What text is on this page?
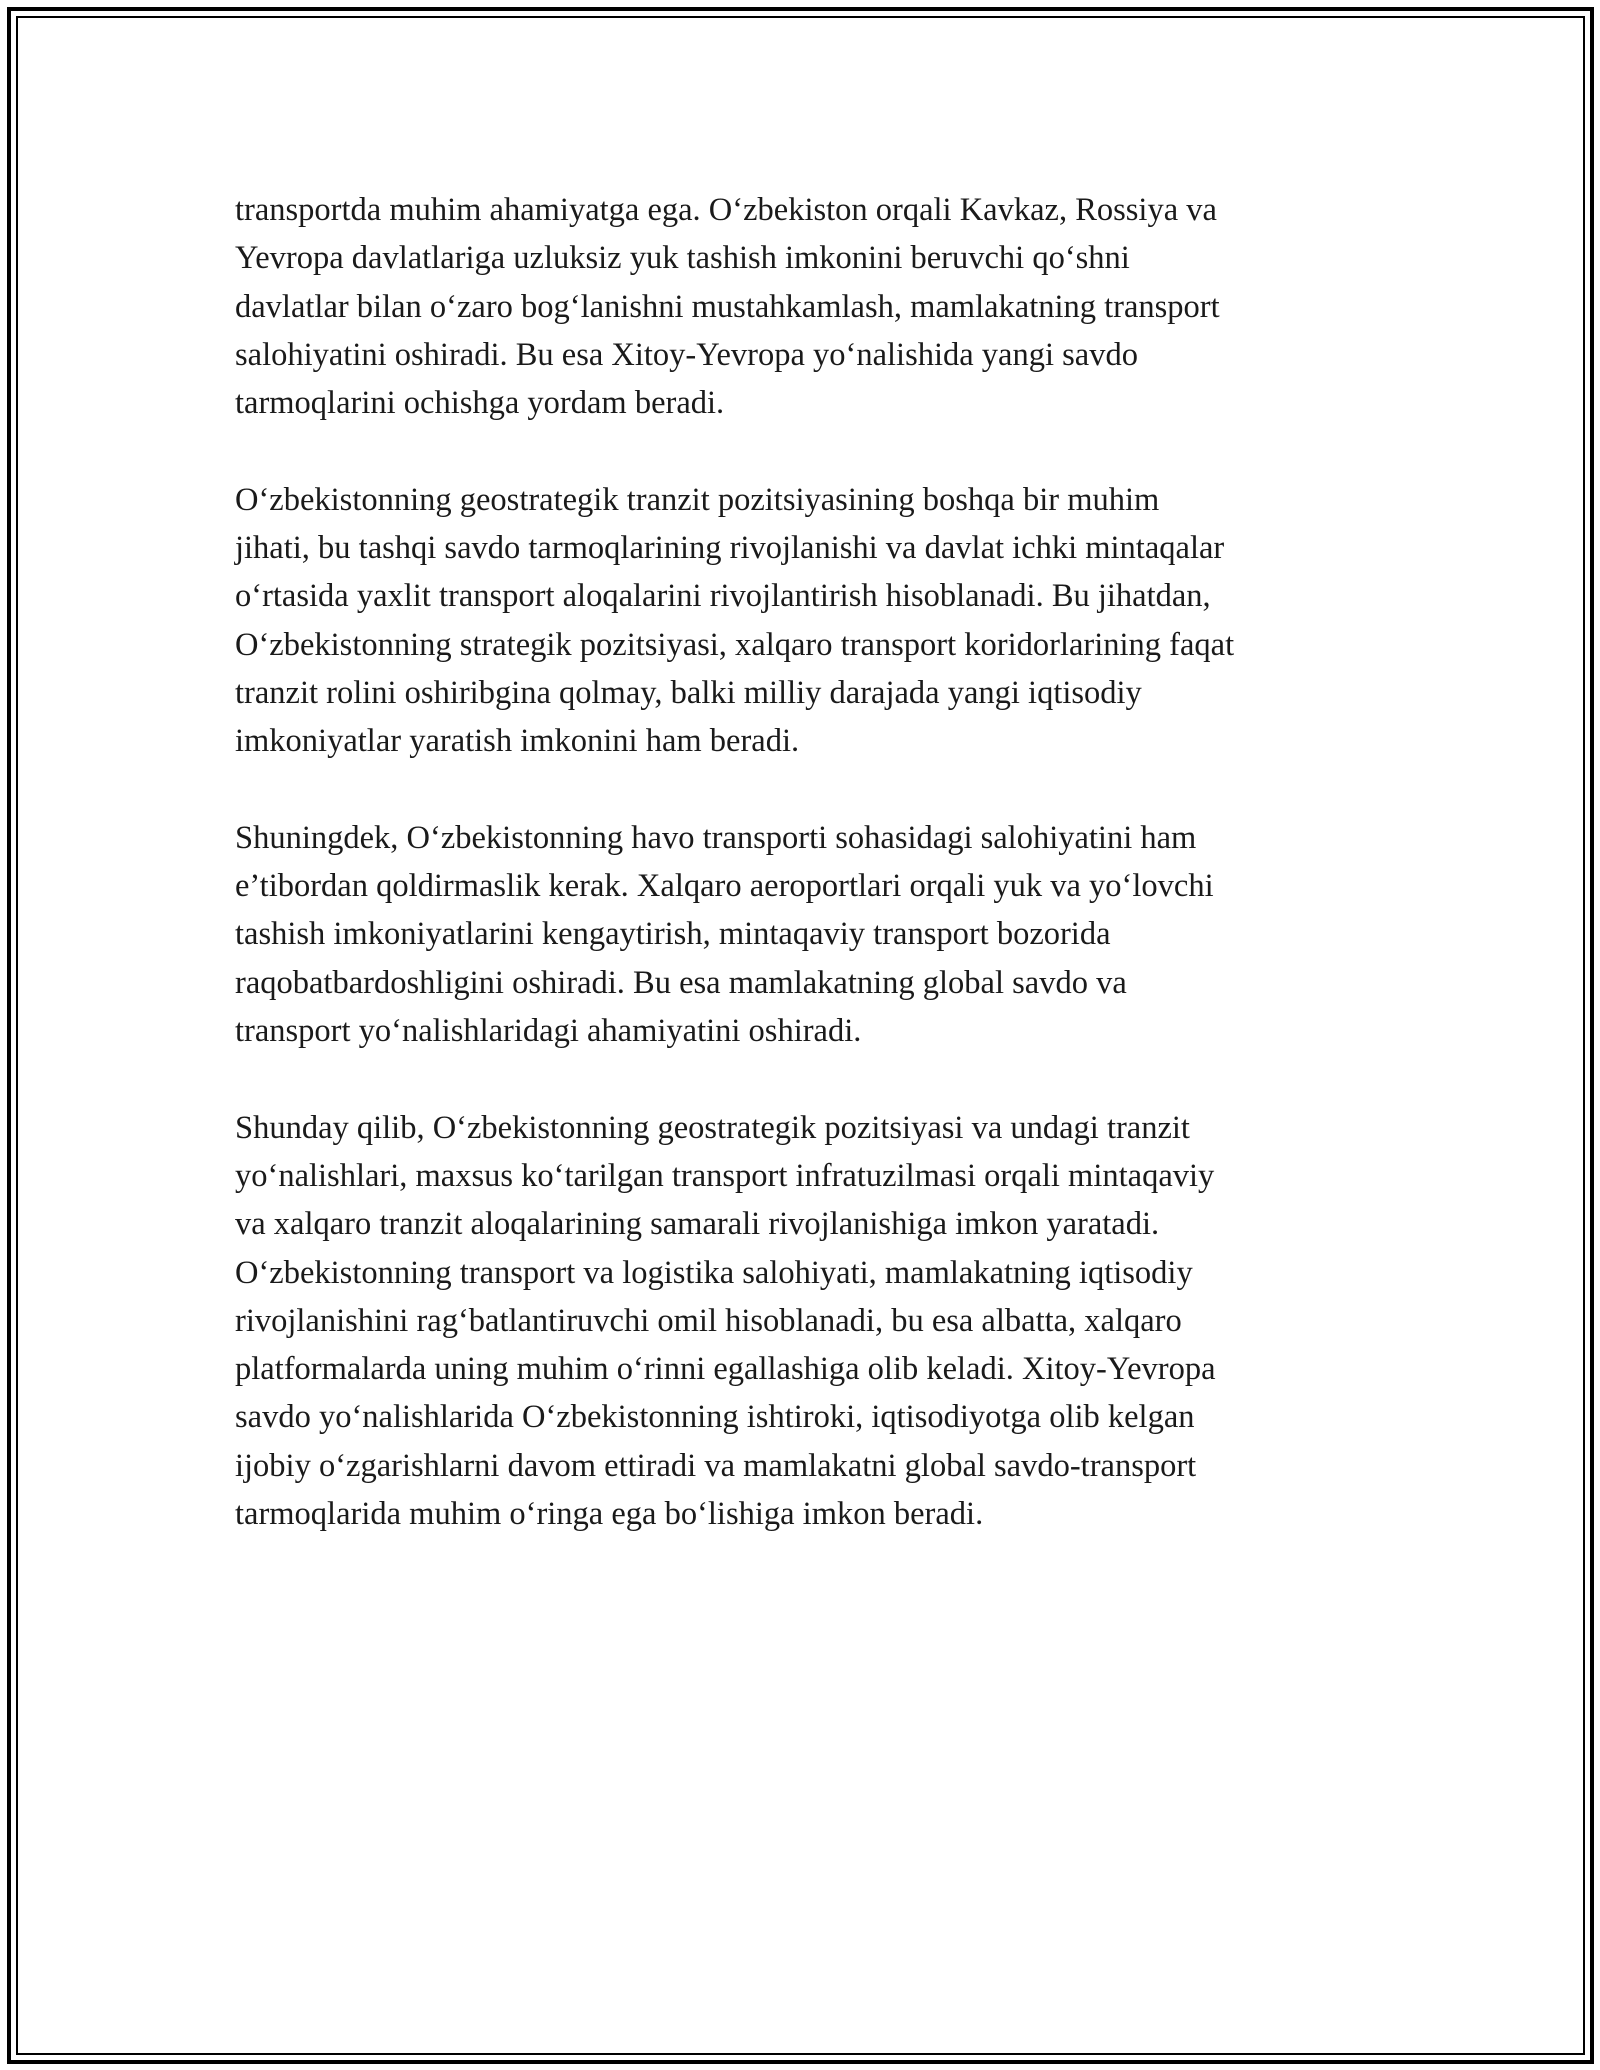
transportda muhim ahamiyatga ega. O‘zbekiston orqali Kavkaz, Rossiya va
Yevropa davlatlariga uzluksiz yuk tashish imkonini beruvchi qo‘shni
davlatlar bilan o‘zaro bog‘lanishni mustahkamlash, mamlakatning transport
salohiyatini oshiradi. Bu esa Xitoy-Yevropa yo‘nalishida yangi savdo
tarmoqlarini ochishga yordam beradi.

O‘zbekistonning geostrategik tranzit pozitsiyasining boshqa bir muhim
jihati, bu tashqi savdo tarmoqlarining rivojlanishi va davlat ichki mintaqalar
o‘rtasida yaxlit transport aloqalarini rivojlantirish hisoblanadi. Bu jihatdan,
O‘zbekistonning strategik pozitsiyasi, xalqaro transport koridorlarining faqat
tranzit rolini oshiribgina qolmay, balki milliy darajada yangi iqtisodiy
imkoniyatlar yaratish imkonini ham beradi.

Shuningdek, O‘zbekistonning havo transporti sohasidagi salohiyatini ham
e’tibordan qoldirmaslik kerak. Xalqaro aeroportlari orqali yuk va yo‘lovchi
tashish imkoniyatlarini kengaytirish, mintaqaviy transport bozorida
raqobatbardoshligini oshiradi. Bu esa mamlakatning global savdo va
transport yo‘nalishlaridagi ahamiyatini oshiradi.

Shunday qilib, O‘zbekistonning geostrategik pozitsiyasi va undagi tranzit
yo‘nalishlari, maxsus ko‘tarilgan transport infratuzilmasi orqali mintaqaviy
va xalqaro tranzit aloqalarining samarali rivojlanishiga imkon yaratadi.
O‘zbekistonning transport va logistika salohiyati, mamlakatning iqtisodiy
rivojlanishini rag‘batlantiruvchi omil hisoblanadi, bu esa albatta, xalqaro
platformalarda uning muhim o‘rinni egallashiga olib keladi. Xitoy-Yevropa
savdo yo‘nalishlarida O‘zbekistonning ishtiroki, iqtisodiyotga olib kelgan
ijobiy o‘zgarishlarni davom ettiradi va mamlakatni global savdo-transport
tarmoqlarida muhim o‘ringa ega bo‘lishiga imkon beradi.
